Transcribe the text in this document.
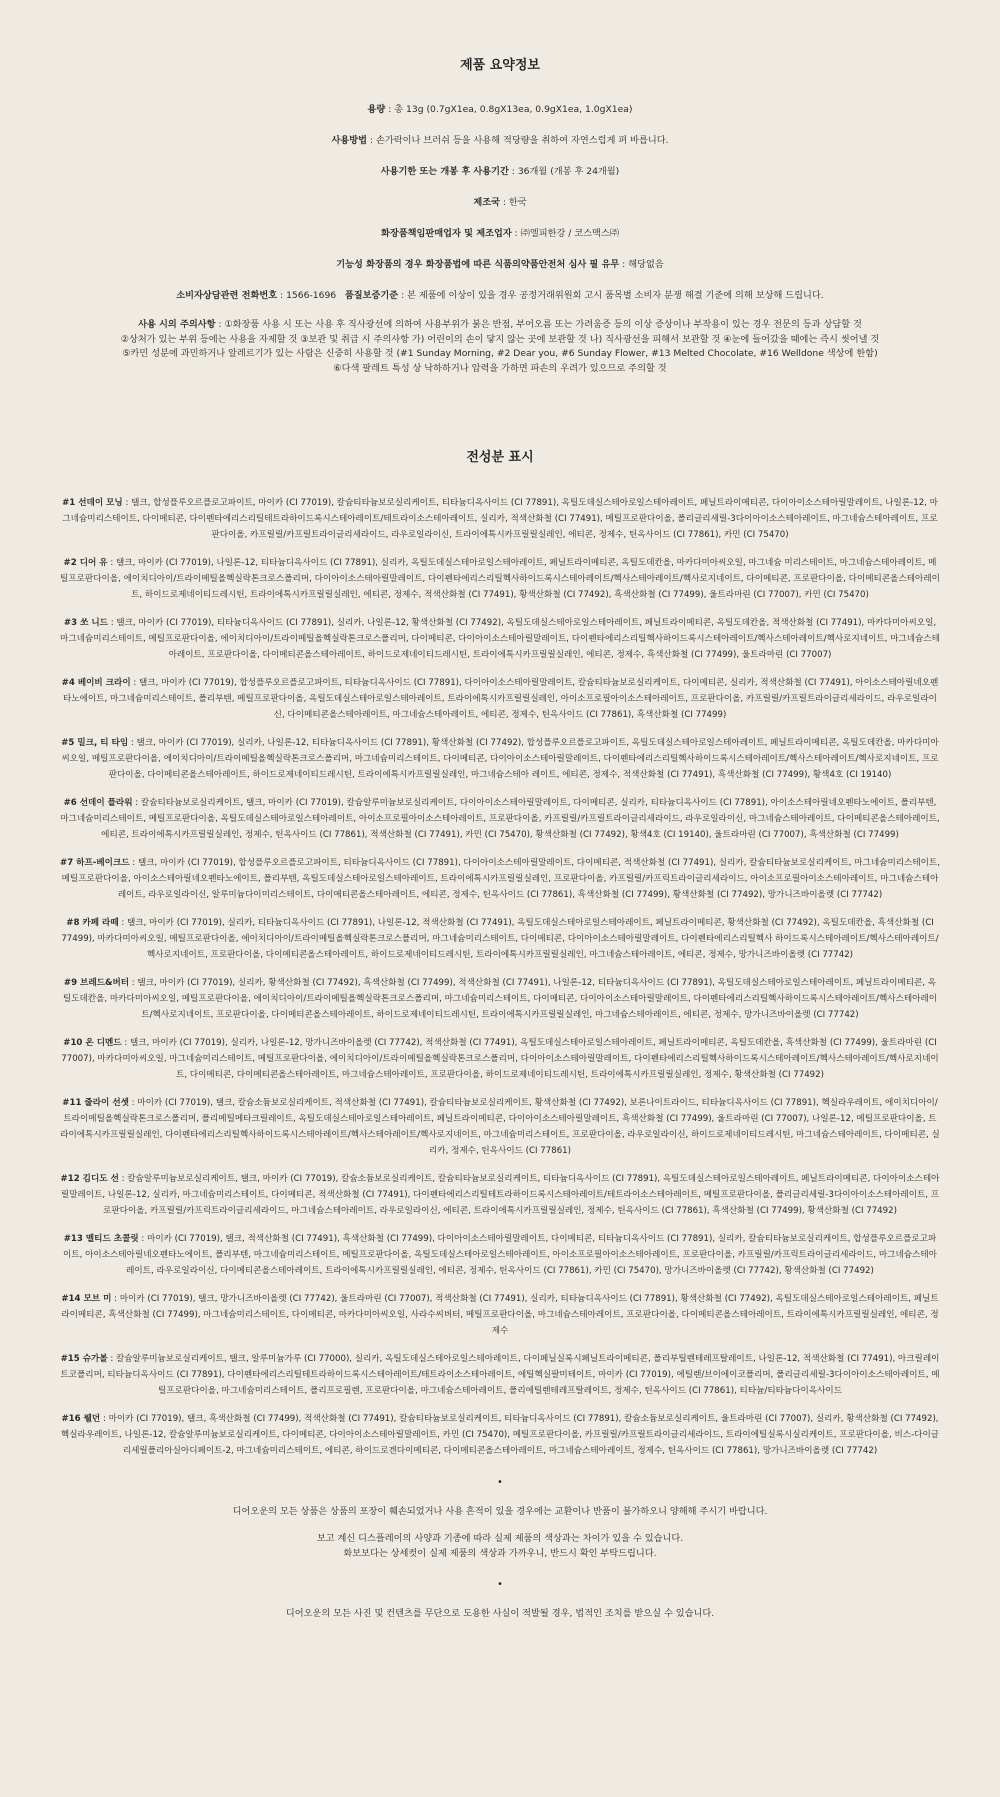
제품 요약정보
용량 : 총 13g (0.7gX1ea, 0.8gX13ea, 0.9gX1ea, 1.0gX1ea)
사용방법 : 손가락이나 브러쉬 등을 사용해 적당량을 취하여 자연스럽게 펴 바릅니다.
사용기한 또는 개봉 후 사용기간 : 36개월 (개봉 후 24개월)
제조국 : 한국
화장품책임판매업자 및 제조업자 : ㈜엘피한강 / 코스맥스㈜
기능성 화장품의 경우 화장품법에 따른 식품의약품안전처 심사 필 유무 : 해당없음
소비자상담관련 전화번호 : 1566-1696 품질보증기준 : 본 제품에 이상이 있을 경우 공정거래위원회 고시 품목별 소비자 분쟁 해결 기준에 의해 보상해 드립니다.
사용 시의 주의사항 : ①화장품 사용 시 또는 사용 후 직사광선에 의하여 사용부위가 붉은 반점, 부어오름 또는 가려움증 등의 이상 증상이나 부작용이 있는 경우 전문의 등과 상담할 것
②상처가 있는 부위 등에는 사용을 자제할 것 ③보관 및 취급 시 주의사항 가) 어린이의 손이 닿지 않는 곳에 보관할 것 나) 직사광선을 피해서 보관할 것 ④눈에 들어갔을 때에는 즉시 씻어낼 것
⑤카민 성분에 과민하거나 알레르기가 있는 사람은 신중히 사용할 것 (#1 Sunday Morning, #2 Dear you, #6 Sunday Flower, #13 Melted Chocolate, #16 Welldone 색상에 한함)
⑥다색 팔레트 특성 상 낙하하거나 압력을 가하면 파손의 우려가 있으므로 주의할 것
전성분 표시
#1 선데이 모닝 : 탤크, 합성플루오르플로고파이트, 마이카 (CI 77019), 칼슘티타늄보로실리케이트, 티타늄디옥사이드 (CI 77891), 옥틸도데실스테아로일스테아레이트, 페닐트라이메티콘, 다이아이소스테아릴말레이트, 나일론-12, 마그네슘미리스테이트, 다이메티콘, 다이펜타에리스리틸테트라하이드록시스테아레이트/테트라이소스테아레이트, 실리카, 적색산화철 (CI 77491), 메틸프로판다이올, 폴리글리세릴-3다이아이소스테아레이트, 마그네슘스테아레이트, 프로판다이올, 카프릴릴/카프릴트라이글리세라이드, 라우로일라이신, 트라이에톡시카프릴릴실레인, 에티콘, 정제수, 틴옥사이드 (CI 77861), 카민 (CI 75470)
#2 디어 유 : 탤크, 마이카 (CI 77019), 나일론-12, 티타늄디옥사이드 (CI 77891), 실리카, 옥틸도데실스테아로일스테아레이트, 페닐트라이메티콘, 옥틸도데칸올, 마카다미아씨오일, 마그네슘 미리스테이트, 마그네슘스테아레이트, 메틸프로판다이올, 에이치디아이/트라이메틸올헥실락톤크로스폴리머, 다이아이소스테아릴말레이트, 다이펜타에리스리틸헥사하이드록시스테아레이트/헥사스테아레이트/헥사로지네이트, 다이메티콘, 프로판다이올, 다이메티콘올스테아레이트, 하이드로제네이티드레시틴, 트라이에톡시카프릴릴실레인, 에티콘, 정제수, 적색산화철 (CI 77491), 황색산화철 (CI 77492), 흑색산화철 (CI 77499), 울트라마린 (CI 77007), 카민 (CI 75470)
#3 쏘 니드 : 탤크, 마이카 (CI 77019), 티타늄디옥사이드 (CI 77891), 실리카, 나일론-12, 황색산화철 (CI 77492), 옥틸도데실스테아로일스테아레이트, 페닐트라이메티콘, 옥틸도데칸올, 적색산화철 (CI 77491), 마카다미아씨오일, 마그네슘미리스테이트, 메틸프로판다이올, 에이치디아이/트라이메틸올헥실락톤크로스폴리머, 다이메티콘, 다이아이소스테아릴말레이트, 다이펜타에리스리틸헥사하이드록시스테아레이트/헥사스테아레이트/헥사로지네이트, 마그네슘스테아레이트, 프로판다이올, 다이메티콘올스테아레이트, 하이드로제네이티드레시틴, 트라이에톡시카프릴릴실레인, 에티콘, 정제수, 흑색산화철 (CI 77499), 울트라마린 (CI 77007)
#4 베이비 크라이 : 탤크, 마이카 (CI 77019), 합성플루오르플로고파이트, 티타늄디옥사이드 (CI 77891), 다이아이소스테아릴말레이트, 칼슘티타늄보로실리케이트, 다이메티콘, 실리카, 적색산화철 (CI 77491), 아이소스테아릴네오펜타노에이트, 마그네슘미리스테이트, 폴리부텐, 메틸프로판다이올, 옥틸도데실스테아로일스테아레이트, 트라이에톡시카프릴릴실레인, 아이소프로필아이소스테아레이트, 프로판다이올, 카프릴릴/카프릴트라이글리세라이드, 라우로일라이신, 다이메티콘올스테아레이트, 마그네슘스테아레이트, 에티콘, 정제수, 틴옥사이드 (CI 77861), 흑색산화철 (CI 77499)
#5 밀크, 티 타임 : 탤크, 마이카 (CI 77019), 실리카, 나일론-12, 티타늄디옥사이드 (CI 77891), 황색산화철 (CI 77492), 합성플루오르플로고파이트, 옥틸도데실스테아로일스테아레이트, 페닐트라이메티콘, 옥틸도데칸올, 마카다미아씨오일, 메틸프로판다이올, 에이치디아이/트라이메틸올헥실락톤크로스폴리머, 마그네슘미리스테이트, 다이메티콘, 다이아이소스테아릴말레이트, 다이펜타에리스리틸헥사하이드록시스테아레이트/헥사스테아레이트/헥사로지네이트, 프로판다이올, 다이메티콘올스테아레이트, 하이드로제네이티드레시틴, 트라이에톡시카프릴릴실레인, 마그네슘스테아 레이트, 에티콘, 정제수, 적색산화철 (CI 77491), 흑색산화철 (CI 77499), 황색4호 (CI 19140)
#6 선데이 플라워 : 칼슘티타늄보로실리케이트, 탤크, 마이카 (CI 77019), 칼슘알루미늄보로실리케이트, 다이아이소스테아릴말레이트, 다이메티콘, 실리카, 티타늄디옥사이드 (CI 77891), 아이소스테아릴네오펜타노에이트, 폴리부텐, 마그네슘미리스테이트, 메틸프로판다이올, 옥틸도데실스테아로일스테아레이트, 아이소프로필아이소스테아레이트, 프로판다이올, 카프릴릴/카프릴트라이글리세라이드, 라우로일라이신, 마그네슘스테아레이트, 다이메티콘올스테아레이트, 에티콘, 트라이에톡시카프릴릴실레인, 정제수, 틴옥사이드 (CI 77861), 적색산화철 (CI 77491), 카민 (CI 75470), 황색산화철 (CI 77492), 황색4호 (CI 19140), 울트라마린 (CI 77007), 흑색산화철 (CI 77499)
#7 하프-베이크드 : 탤크, 마이카 (CI 77019), 합성플루오르플로고파이트, 티타늄디옥사이드 (CI 77891), 다이아이소스테아릴말레이트, 다이메티콘, 적색산화철 (CI 77491), 실리카, 칼슘티타늄보로실리케이트, 마그네슘미리스테이트, 메틸프로판다이올, 아이소스테아릴네오펜타노에이트, 폴리부텐, 옥틸도데실스테아로일스테아레이트, 트라이에톡시카프릴릴실레인, 프로판다이올, 카프릴릴/카프릭트라이글리세라이드, 아이소프로필아이소스테아레이트, 마그네슘스테아레이트, 라우로일라이신, 알루미늄다이미리스테이트, 다이메티콘올스테아레이트, 에티콘, 정제수, 틴옥사이드 (CI 77861), 흑색산화철 (CI 77499), 황색산화철 (CI 77492), 망가니즈바이올렛 (CI 77742)
#8 카페 라떼 : 탤크, 마이카 (CI 77019), 실리카, 티타늄디옥사이드 (CI 77891), 나일론-12, 적색산화철 (CI 77491), 옥틸도데실스테아로일스테아레이트, 페닐트라이메티콘, 황색산화철 (CI 77492), 옥틸도데칸올, 흑색산화철 (CI 77499), 마카다미아씨오일, 메틸프로판다이올, 에이치디아이/트라이메틸올헥실락톤크로스폴리머, 마그네슘미리스테이트, 다이메티콘, 다이아이소스테아릴말레이트, 다이펜타에리스리틸헥사 하이드록시스테아레이트/헥사스테아레이트/헥사로지네이트, 프로판다이올, 다이메티콘올스테아레이트, 하이드로제네이티드레시틴, 트라이에톡시카프릴릴실레인, 마그네슘스테아레이트, 에티콘, 정제수, 망가니즈바이올렛 (CI 77742)
#9 브레드&버터 : 탤크, 마이카 (CI 77019), 실리카, 황색산화철 (CI 77492), 흑색산화철 (CI 77499), 적색산화철 (CI 77491), 나일론-12, 티타늄디옥사이드 (CI 77891), 옥틸도데실스테아로일스테아레이트, 페닐트라이메티콘, 옥틸도데칸올, 마카다미아씨오일, 메틸프로판다이올, 에이치디아이/트라이메틸올헥실락톤크로스폴리머, 마그네슘미리스테이트, 다이메티콘, 다이아이소스테아릴말레이트, 다이펜타에리스리틸헥사하이드록시스테아레이트/헥사스테아레이트/헥사로지네이트, 프로판다이올, 다이메티콘올스테아레이트, 하이드로제네이티드레시틴, 트라이에톡시카프릴릴실레인, 마그네슘스테아레이트, 에티콘, 정제수, 망가니즈바이올렛 (CI 77742)
#10 온 디멘드 : 탤크, 마이카 (CI 77019), 실리카, 나일론-12, 망가니즈바이올렛 (CI 77742), 적색산화철 (CI 77491), 옥틸도데실스테아로일스테아레이트, 페닐트라이메티콘, 옥틸도데칸올, 흑색산화철 (CI 77499), 울트라마린 (CI 77007), 마카다미아씨오일, 마그네슘미리스테이트, 메틸프로판다이올, 에이치디아이/트라이메틸올헥실락톤크로스폴리머, 다이아이소스테아릴말레이트, 다이펜타에리스리틸헥사하이드록시스테아레이트/헥사스테아레이트/헥사로지네이트, 다이메티콘, 다이메티콘올스테아레이트, 마그네슘스테아레이트, 프로판다이올, 하이드로제네이티드레시틴, 트라이에톡시카프릴릴실레인, 정제수, 황색산화철 (CI 77492)
#11 줄라이 선셋 : 마이카 (CI 77019), 탤크, 칼슘소듐보로실리케이트, 적색산화철 (CI 77491), 칼슘티타늄보로실리케이트, 황색산화철 (CI 77492), 보론나이트라이드, 티타늄디옥사이드 (CI 77891), 헥실라우레이트, 에이치디아이/트라이메틸올헥실락톤크로스폴리머, 폴리메틸메타크릴레이트, 옥틸도데실스테아로일스테아레이트, 페닐트라이메티콘, 다이아이소스테아릴말레이트, 흑색산화철 (CI 77499), 울트라마린 (CI 77007), 나일론-12, 메틸프로판다이올, 트라이에톡시카프릴릴실레인, 다이펜타에리스리틸헥사하이드록시스테아레이트/헥사스테아레이트/헥사로지네이트, 마그네슘미리스테이트, 프로판다이올, 라우로일라이신, 하이드로제네이티드레시틴, 마그네슘스테아레이트, 다이메티콘, 실리카, 정제수, 틴옥사이드 (CI 77861)
#12 김디도 선 : 칼슘알루미늄보로실리케이트, 탤크, 마이카 (CI 77019), 칼슘소듐보로실리케이트, 칼슘티타늄보로실리케이트, 티타늄디옥사이드 (CI 77891), 옥틸도데실스테아로일스테아레이트, 페닐트라이메티콘, 다이아이소스테아릴말레이트, 나일론-12, 실리카, 마그네슘미리스테이트, 다이메티콘, 적색산화철 (CI 77491), 다이펜타에리스리틸테트라하이드록시스테아레이트/테트라이소스테아레이트, 메틸프로판다이올, 폴리글리세릴-3다이아이소스테아레이트, 프로판다이올, 카프릴릴/카프릭트라이글리세라이드, 마그네슘스테아레이트, 라우로일라이신, 에티콘, 트라이에톡시카프릴릴실레인, 정제수, 틴옥사이드 (CI 77861), 흑색산화철 (CI 77499), 황색산화철 (CI 77492)
#13 멜티드 초콜릿 : 마이카 (CI 77019), 탤크, 적색산화철 (CI 77491), 흑색산화철 (CI 77499), 다이아이소스테아릴말레이트, 다이메티콘, 티타늄디옥사이드 (CI 77891), 실리카, 칼슘티타늄보로실리케이트, 합성플루오르플로고파이트, 아이소스테아릴네오펜타노에이트, 폴리부텐, 마그네슘미리스테이트, 메틸프로판다이올, 옥틸도데실스테아로일스테아레이트, 아이소프로필아이소스테아레이트, 프로판다이올, 카프릴릴/카프릭트라이글리세라이드, 마그네슘스테아레이트, 라우로일라이신, 다이메티콘올스테아레이트, 트라이에톡시카프릴릴실레인, 에티콘, 정제수, 틴옥사이드 (CI 77861), 카민 (CI 75470), 망가니즈바이올렛 (CI 77742), 황색산화철 (CI 77492)
#14 모브 미 : 마이카 (CI 77019), 탤크, 망가니즈바이올렛 (CI 77742), 울트라마린 (CI 77007), 적색산화철 (CI 77491), 실리카, 티타늄디옥사이드 (CI 77891), 황색산화철 (CI 77492), 옥틸도데실스테아로일스테아레이트, 페닐트라이메티콘, 흑색산화철 (CI 77499), 마그네슘미리스테이트, 다이메티콘, 마카다미아씨오일, 사라수씨버터, 메틸프로판다이올, 마그네슘스테아레이트, 프로판다이올, 다이메티콘올스테아레이트, 트라이에톡시카프릴릴실레인, 에티콘, 정제수
#15 슈가볼 : 칼슘알루미늄보로실리케이트, 탤크, 알루미늄가루 (CI 77000), 실리카, 옥틸도데실스테아로일스테아레이트, 다이페닐실록시페닐트라이메티콘, 폴리부틸렌테레프탈레이트, 나일론-12, 적색산화철 (CI 77491), 아크릴레이트코폴리머, 티타늄디옥사이드 (CI 77891), 다이펜타에리스리틸테트라하이드록시스테아레이트/테트라이소스테아레이트, 에틸헥실팔미테이트, 마이카 (CI 77019), 에틸렌/브이에이코폴리머, 폴리글리세릴-3다이아이소스테아레이트, 메틸프로판다이올, 마그네슘미리스테이트, 폴리프로필렌, 프로판다이올, 마그네슘스테아레이트, 폴리에틸렌테레프탈레이트, 정제수, 틴옥사이드 (CI 77861), 티타늄/티타늄다이옥사이드
#16 웰던 : 마이카 (CI 77019), 탤크, 흑색산화철 (CI 77499), 적색산화철 (CI 77491), 칼슘티타늄보로실리케이트, 티타늄디옥사이드 (CI 77891), 칼슘소듐보로실리케이트, 울트라마린 (CI 77007), 실리카, 황색산화철 (CI 77492), 헥실라우레이트, 나일론-12, 칼슘알루미늄보로실리케이트, 다이메티콘, 다이아이소스테아릴말레이트, 카민 (CI 75470), 메틸프로판다이올, 카프릴릴/카프릴트라이글리세라이드, 트라이에틸실록시실리케이트, 프로판다이올, 비스-다이글리세릴폴리아실아디페이트-2, 마그네슘미리스테이트, 에티콘, 하이드로겐다이메티콘, 다이메티콘올스테아레이트, 마그네슘스테아레이트, 정제수, 틴옥사이드 (CI 77861), 망가니즈바이올렛 (CI 77742)
•
디어오운의 모든 상품은 상품의 포장이 훼손되었거나 사용 흔적이 있을 경우에는 교환이나 반품이 불가하오니 양해해 주시기 바랍니다.
보고 계신 디스플레이의 사양과 기종에 따라 실제 제품의 색상과는 차이가 있을 수 있습니다.
화보보다는 상세컷이 실제 제품의 색상과 가까우니, 반드시 확인 부탁드립니다.
•
디어오운의 모든 사진 및 컨텐츠를 무단으로 도용한 사실이 적발될 경우, 법적인 조치를 받으실 수 있습니다.
